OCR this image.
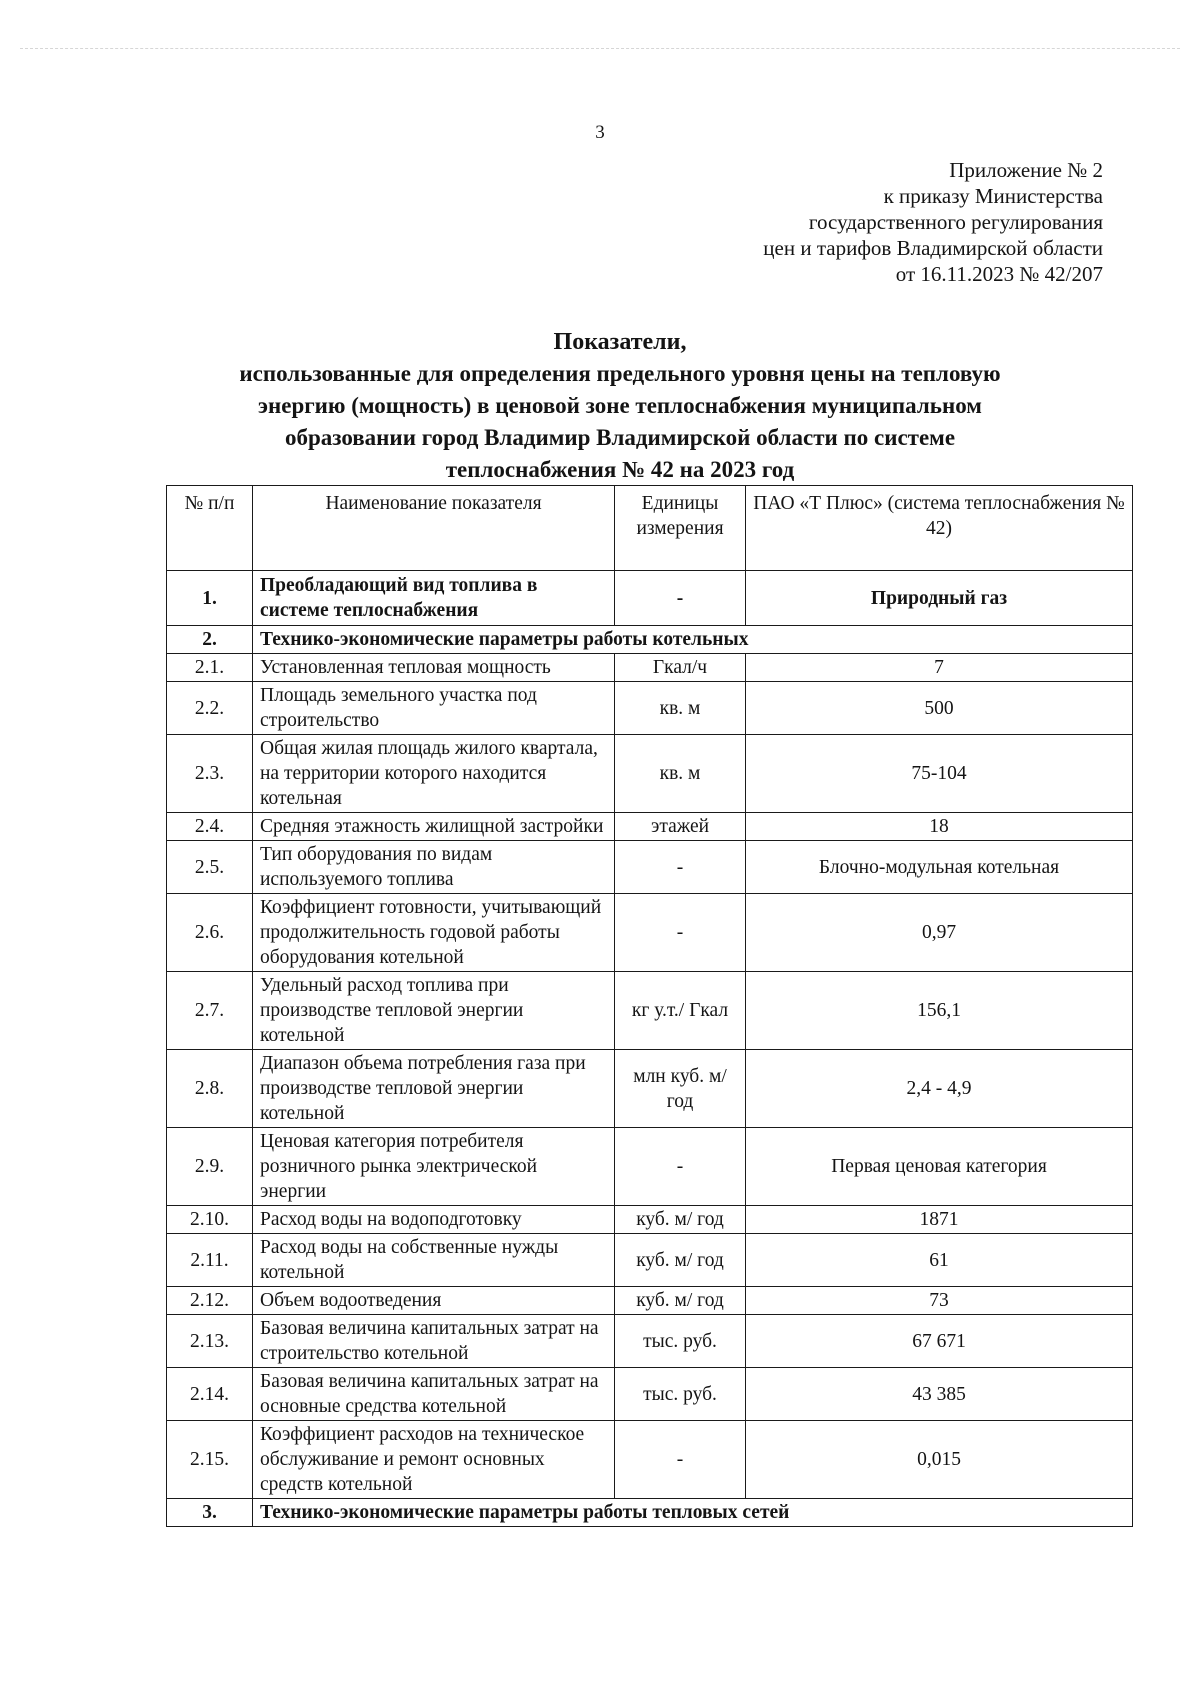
3
Приложение № 2
к приказу Министерства
государственного регулирования
цен и тарифов Владимирской области
от 16.11.2023 № 42/207
Показатели,
использованные для определения предельного уровня цены на тепловую
энергию (мощность) в ценовой зоне теплоснабжения муниципальном
образовании город Владимир Владимирской области по системе
теплоснабжения № 42 на 2023 год
№ п/п	Наименование показателя	Единицы измерения	ПАО «Т Плюс» (система теплоснабжения № 42)
1.	Преобладающий вид топлива в системе теплоснабжения	-	Природный газ
2.	Технико-экономические параметры работы котельных		
2.1.	Установленная тепловая мощность	Гкал/ч	7
2.2.	Площадь земельного участка под строительство	кв. м	500
2.3.	Общая жилая площадь жилого квартала, на территории которого находится котельная	кв. м	75-104
2.4.	Средняя этажность жилищной застройки	этажей	18
2.5.	Тип оборудования по видам используемого топлива	-	Блочно-модульная котельная
2.6.	Коэффициент готовности, учитывающий продолжительность годовой работы оборудования котельной	-	0,97
2.7.	Удельный расход топлива при производстве тепловой энергии котельной	кг у.т./ Гкал	156,1
2.8.	Диапазон объема потребления газа при производстве тепловой энергии котельной	млн куб. м/год	2,4 - 4,9
2.9.	Ценовая категория потребителя розничного рынка электрической энергии	-	Первая ценовая категория
2.10.	Расход воды на водоподготовку	куб. м/ год	1871
2.11.	Расход воды на собственные нужды котельной	куб. м/ год	61
2.12.	Объем водоотведения	куб. м/ год	73
2.13.	Базовая величина капитальных затрат на строительство котельной	тыс. руб.	67 671
2.14.	Базовая величина капитальных затрат на основные средства котельной	тыс. руб.	43 385
2.15.	Коэффициент расходов на техническое обслуживание и ремонт основных средств котельной	-	0,015
3.	Технико-экономические параметры работы тепловых сетей		
